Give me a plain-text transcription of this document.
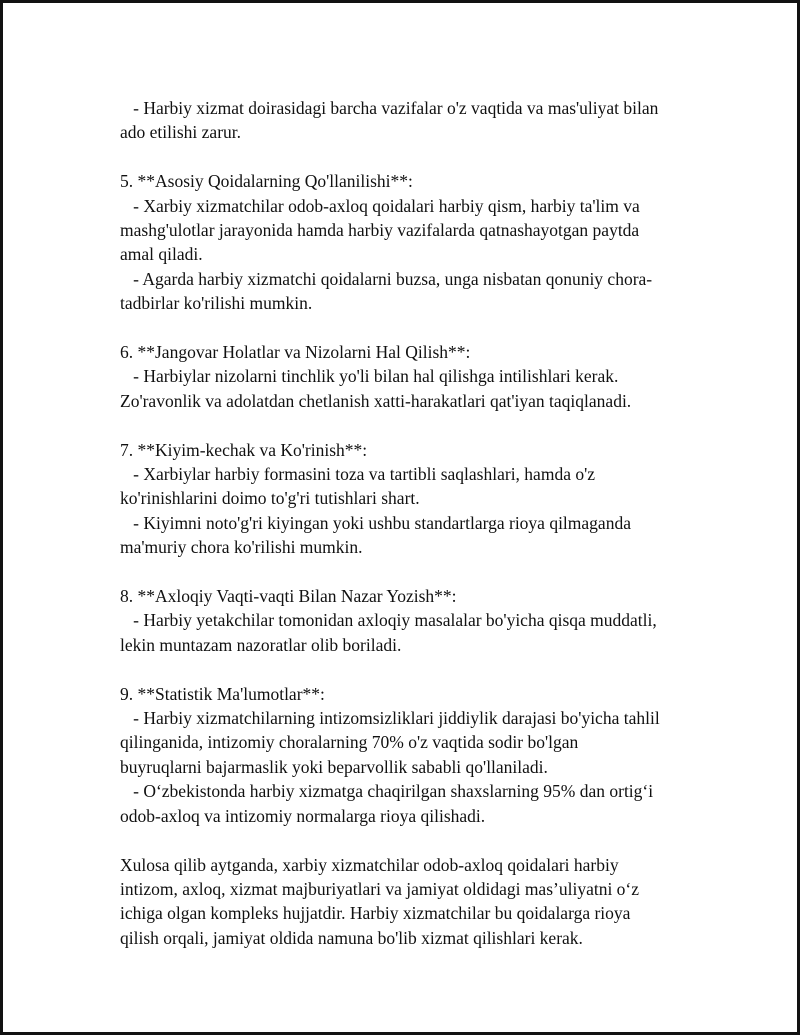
- Harbiy xizmat doirasidagi barcha vazifalar o'z vaqtida va mas'uliyat bilan
ado etilishi zarur.

5. **Asosiy Qoidalarning Qo'llanilishi**:
- Xarbiy xizmatchilar odob-axloq qoidalari harbiy qism, harbiy ta'lim va
mashg'ulotlar jarayonida hamda harbiy vazifalarda qatnashayotgan paytda
amal qiladi.
- Agarda harbiy xizmatchi qoidalarni buzsa, unga nisbatan qonuniy chora-
tadbirlar ko'rilishi mumkin.

6. **Jangovar Holatlar va Nizolarni Hal Qilish**:
- Harbiylar nizolarni tinchlik yo'li bilan hal qilishga intilishlari kerak.
Zo'ravonlik va adolatdan chetlanish xatti-harakatlari qat'iyan taqiqlanadi.

7. **Kiyim-kechak va Ko'rinish**:
- Xarbiylar harbiy formasini toza va tartibli saqlashlari, hamda o'z
ko'rinishlarini doimo to'g'ri tutishlari shart.
- Kiyimni noto'g'ri kiyingan yoki ushbu standartlarga rioya qilmaganda
ma'muriy chora ko'rilishi mumkin.

8. **Axloqiy Vaqti-vaqti Bilan Nazar Yozish**:
- Harbiy yetakchilar tomonidan axloqiy masalalar bo'yicha qisqa muddatli,
lekin muntazam nazoratlar olib boriladi.

9. **Statistik Ma'lumotlar**:
- Harbiy xizmatchilarning intizomsizliklari jiddiylik darajasi bo'yicha tahlil
qilinganida, intizomiy choralarning 70% o'z vaqtida sodir bo'lgan
buyruqlarni bajarmaslik yoki beparvollik sababli qo'llaniladi.
- O‘zbekistonda harbiy xizmatga chaqirilgan shaxslarning 95% dan ortig‘i
odob-axloq va intizomiy normalarga rioya qilishadi.

Xulosa qilib aytganda, xarbiy xizmatchilar odob-axloq qoidalari harbiy
intizom, axloq, xizmat majburiyatlari va jamiyat oldidagi mas’uliyatni o‘z
ichiga olgan kompleks hujjatdir. Harbiy xizmatchilar bu qoidalarga rioya
qilish orqali, jamiyat oldida namuna bo'lib xizmat qilishlari kerak.
